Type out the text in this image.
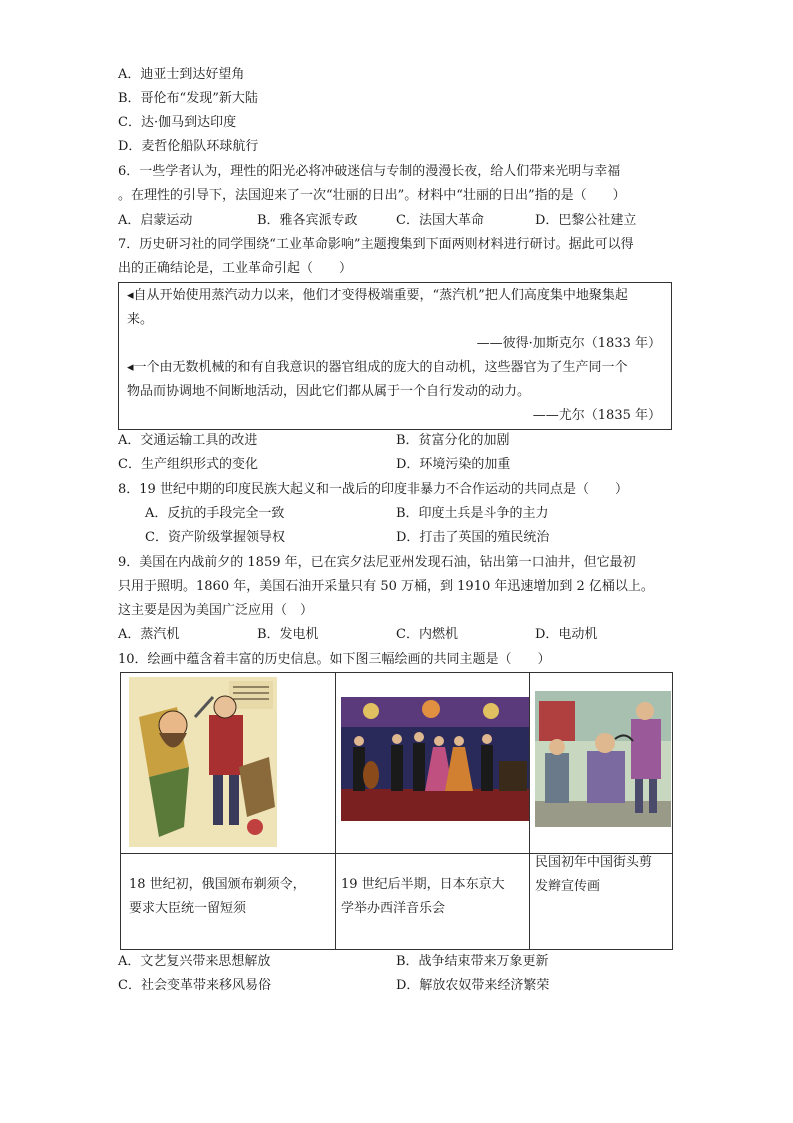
A．迪亚士到达好望角
B．哥伦布“发现”新大陆
C．达·伽马到达印度
D．麦哲伦船队环球航行
6．一些学者认为，理性的阳光必将冲破迷信与专制的漫漫长夜，给人们带来光明与幸福
。在理性的引导下，法国迎来了一次“壮丽的日出”。材料中“壮丽的日出”指的是（　　）
A．启蒙运动	B．雅各宾派专政	C．法国大革命	D．巴黎公社建立
7．历史研习社的同学围绕“工业革命影响”主题搜集到下面两则材料进行研讨。据此可以得
出的正确结论是，工业革命引起（　　）
◂自从开始使用蒸汽动力以来，他们才变得极端重要，“蒸汽机”把人们高度集中地聚集起
来。
——彼得·加斯克尔（1833 年）
◂一个由无数机械的和有自我意识的器官组成的庞大的自动机，这些器官为了生产同一个
物品而协调地不间断地活动，因此它们都从属于一个自行发动的动力。
——尤尔（1835 年）
A．交通运输工具的改进	B．贫富分化的加剧
C．生产组织形式的变化	D．环境污染的加重
8．19 世纪中期的印度民族大起义和一战后的印度非暴力不合作运动的共同点是（　　）
A．反抗的手段完全一致	B．印度土兵是斗争的主力
C．资产阶级掌握领导权	D．打击了英国的殖民统治
9．美国在内战前夕的 1859 年，已在宾夕法尼亚州发现石油，钻出第一口油井，但它最初
只用于照明。1860 年，美国石油开采量只有 50 万桶，到 1910 年迅速增加到 2 亿桶以上。
这主要是因为美国广泛应用（　）
A．蒸汽机	B．发电机	C．内燃机	D．电动机
10．绘画中蕴含着丰富的历史信息。如下图三幅绘画的共同主题是（　　）
18 世纪初，俄国颁布剃须令，
要求大臣统一留短须
19 世纪后半期，日本东京大
学举办西洋音乐会
民国初年中国街头剪
发辫宣传画
A．文艺复兴带来思想解放	B．战争结束带来万象更新
C．社会变革带来移风易俗	D．解放农奴带来经济繁荣
